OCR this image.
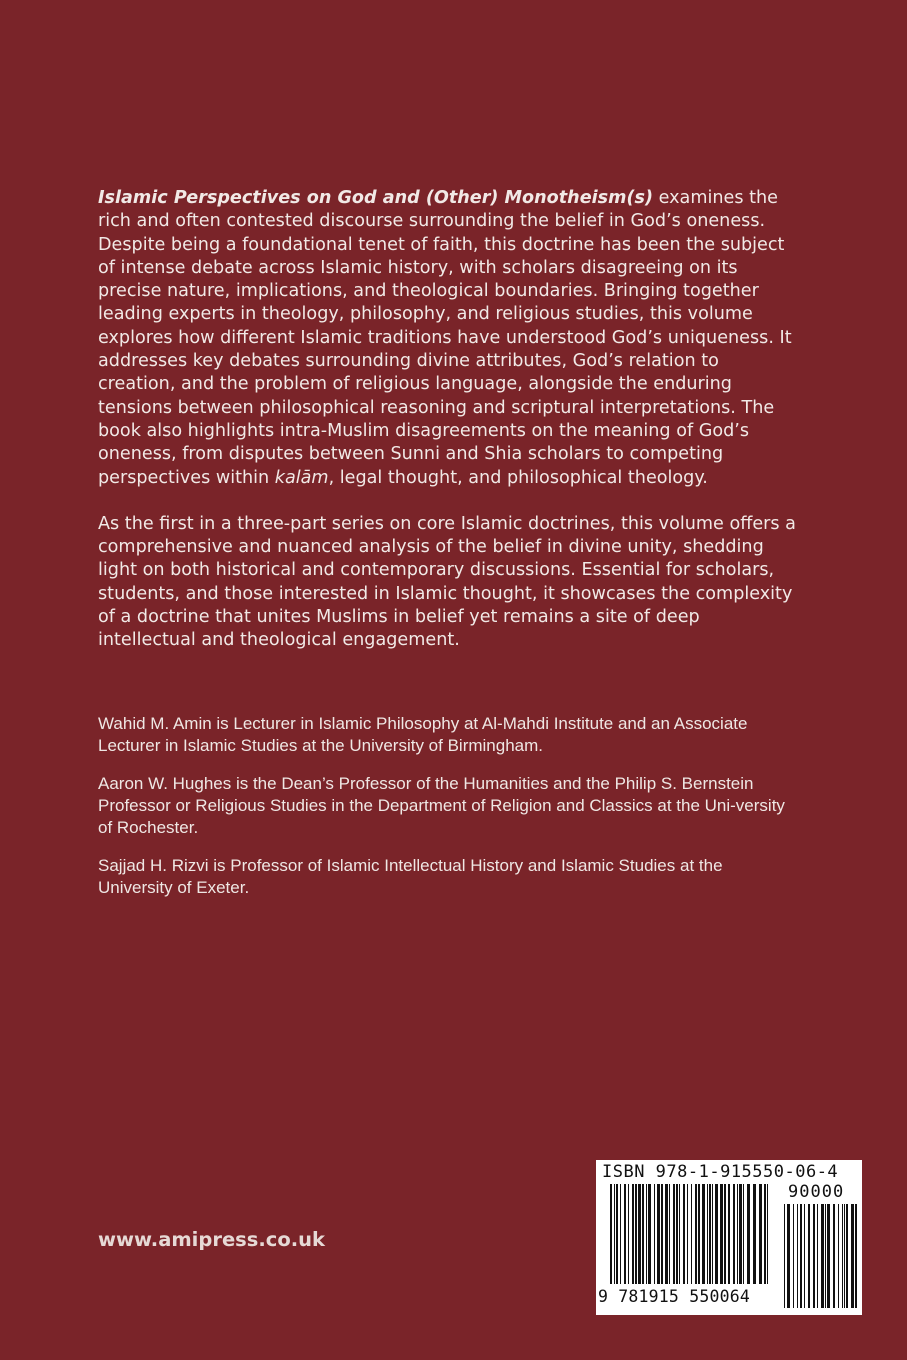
Islamic Perspectives on God and (Other) Monotheism(s) examines the rich and often contested discourse surrounding the belief in God’s oneness. Despite being a foundational tenet of faith, this doctrine has been the subject of intense debate across Islamic history, with scholars disagreeing on its precise nature, implications, and theological boundaries. Bringing together leading experts in theology, philosophy, and religious studies, this volume explores how different Islamic traditions have understood God’s uniqueness. It addresses key debates surrounding divine attributes, God’s relation to creation, and the problem of religious language, alongside the enduring tensions between philosophical reasoning and scriptural interpretations. The book also highlights intra-Muslim disagreements on the meaning of God’s oneness, from disputes between Sunni and Shia scholars to competing perspectives within kalām, legal thought, and philosophical theology.

As the first in a three-part series on core Islamic doctrines, this volume offers a comprehensive and nuanced analysis of the belief in divine unity, shedding light on both historical and contemporary discussions. Essential for scholars, students, and those interested in Islamic thought, it showcases the complexity of a doctrine that unites Muslims in belief yet remains a site of deep intellectual and theological engagement.

Wahid M. Amin is Lecturer in Islamic Philosophy at Al-Mahdi Institute and an Associate Lecturer in Islamic Studies at the University of Birmingham.

Aaron W. Hughes is the Dean’s Professor of the Humanities and the Philip S. Bernstein Professor or Religious Studies in the Department of Religion and Classics at the Uni-versity of Rochester.

Sajjad H. Rizvi is Professor of Islamic Intellectual History and Islamic Studies at the University of Exeter.

www.amipress.co.uk
ISBN 978-1-915550-06-4
90000
9 781915 550064
